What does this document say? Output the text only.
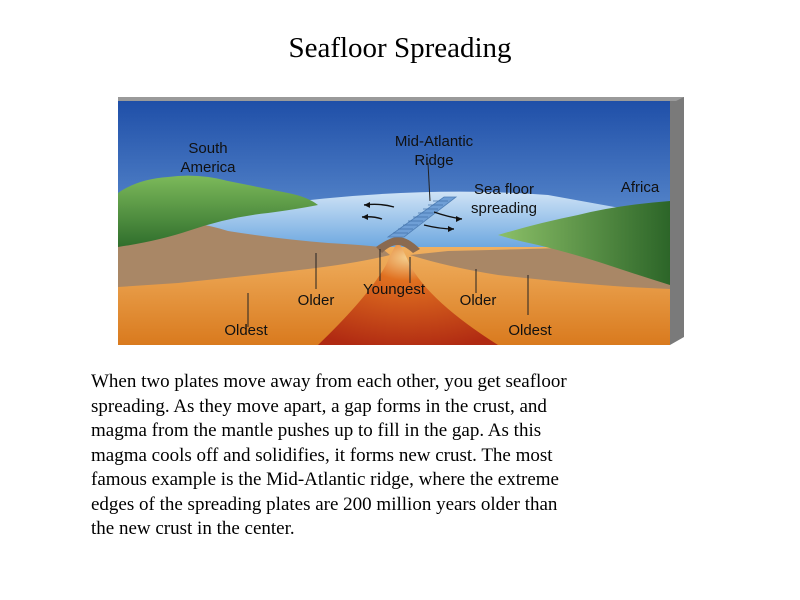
Seafloor Spreading
South
America
Mid-Atlantic
Ridge
Sea floor
spreading
Africa
Older
Youngest
Older
Oldest	Oldest
When two plates move away from each other, you get seafloor
spreading. As they move apart, a gap forms in the crust, and
magma from the mantle pushes up to fill in the gap. As this
magma cools off and solidifies, it forms new crust. The most
famous example is the Mid-Atlantic ridge, where the extreme
edges of the spreading plates are 200 million years older than
the new crust in the center.
